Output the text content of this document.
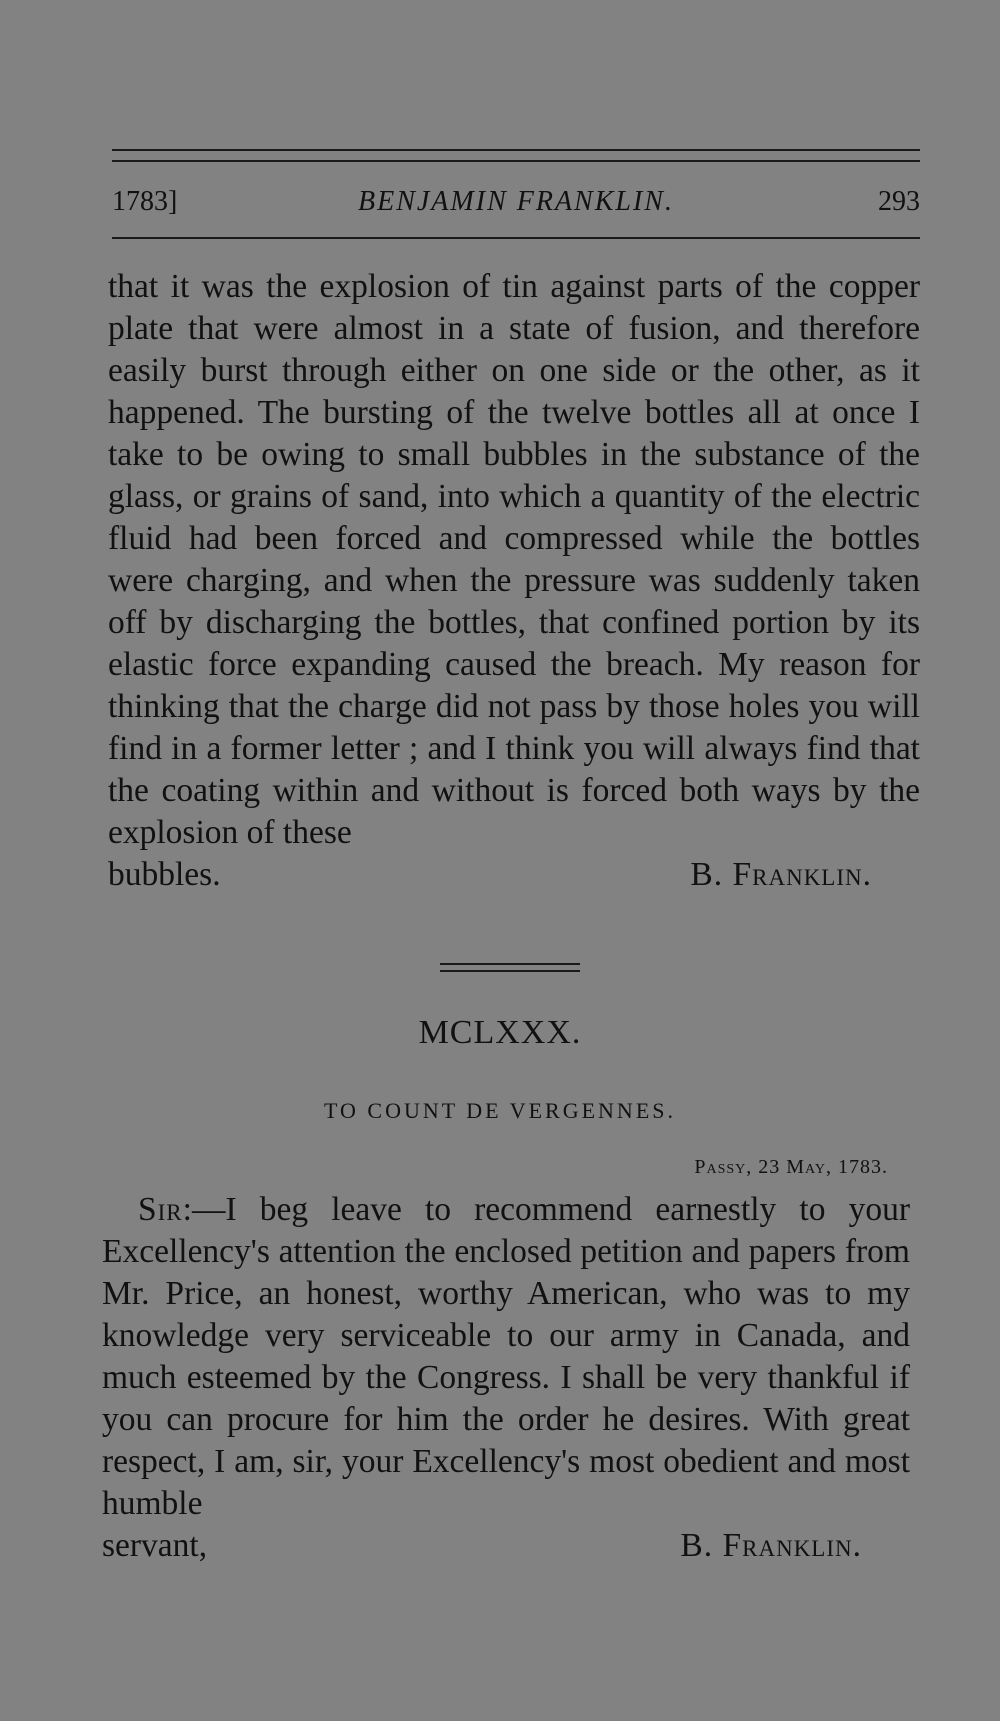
1783]	BENJAMIN FRANKLIN.	293

that it was the explosion of tin against parts of the copper plate that were almost in a state of fusion, and therefore easily burst through either on one side or the other, as it happened. The bursting of the twelve bottles all at once I take to be owing to small bubbles in the substance of the glass, or grains of sand, into which a quantity of the electric fluid had been forced and compressed while the bottles were charging, and when the pressure was suddenly taken off by discharging the bottles, that confined portion by its elastic force expanding caused the breach. My reason for thinking that the charge did not pass by those holes you will find in a former letter ; and I think you will always find that the coating within and without is forced both ways by the explosion of these

bubbles.	B. Franklin.
MCLXXX.
TO COUNT DE VERGENNES.
Passy, 23 May, 1783.

Sir:—I beg leave to recommend earnestly to your Excellency's attention the enclosed petition and papers from Mr. Price, an honest, worthy American, who was to my knowledge very serviceable to our army in Canada, and much esteemed by the Congress. I shall be very thankful if you can procure for him the order he desires. With great respect, I am, sir, your Excellency's most obedient and most humble

servant,	B. Franklin.
